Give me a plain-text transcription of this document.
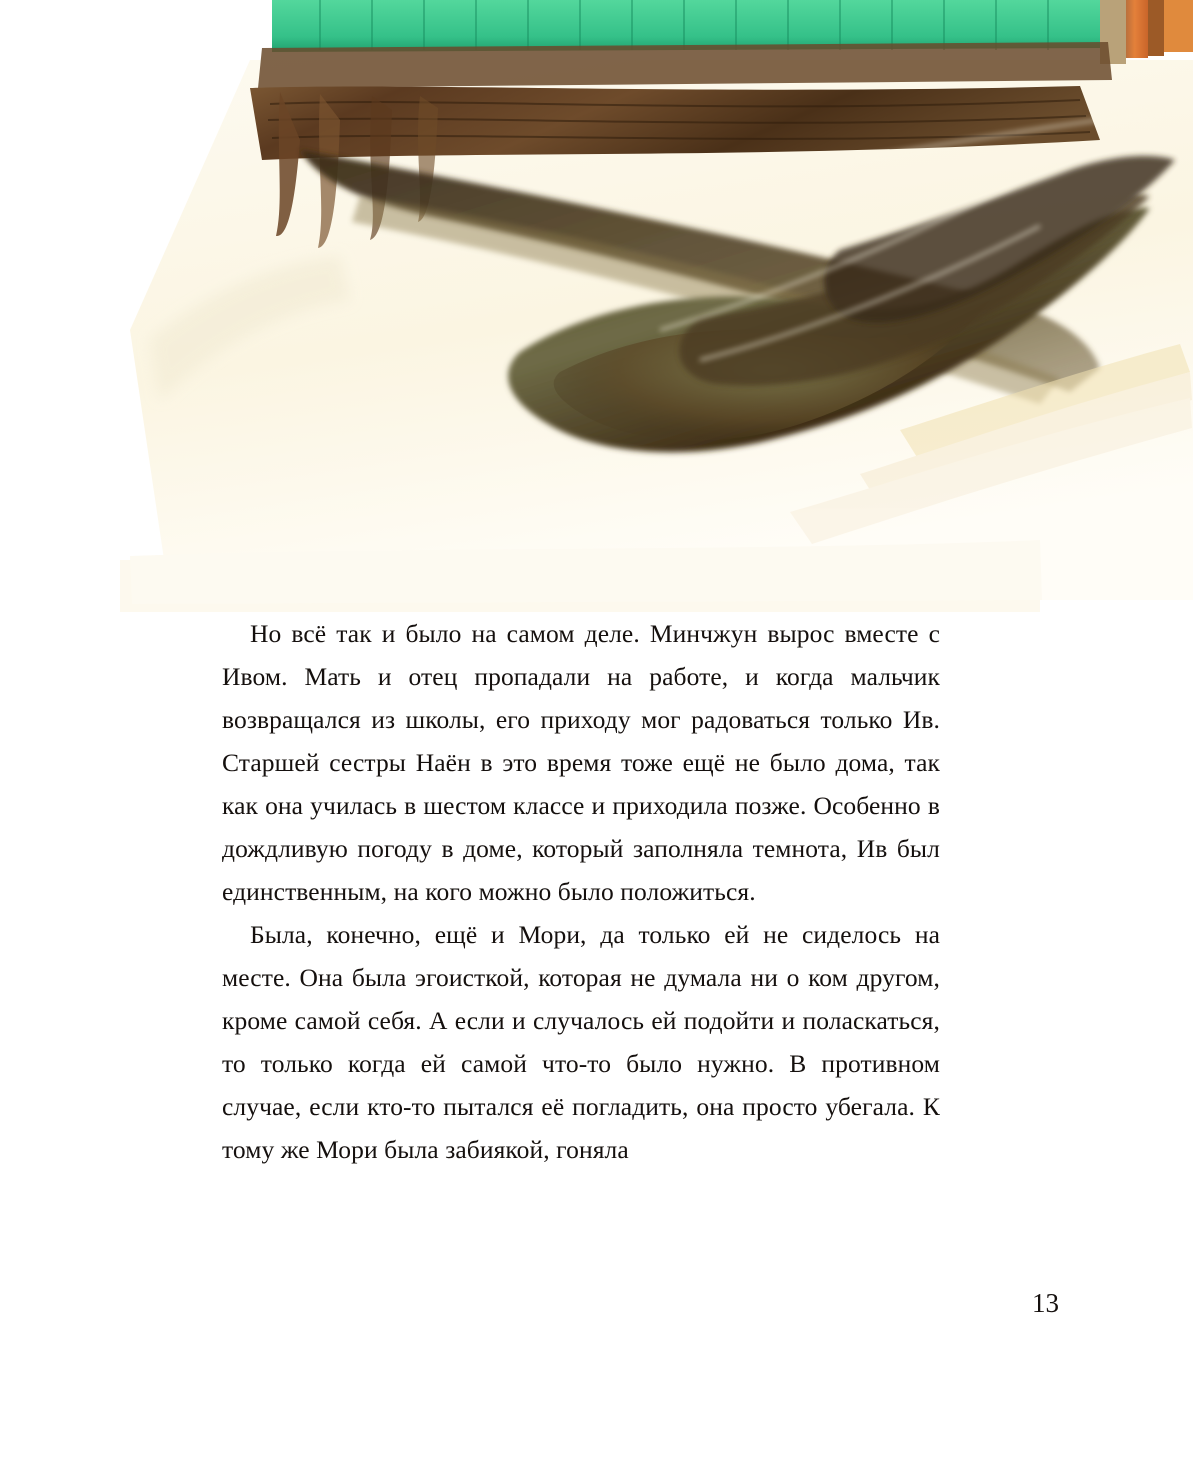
Но всё так и было на самом деле. Минчжун вырос вместе с Ивом. Мать и отец пропадали на работе, и когда мальчик возвращался из школы, его приходу мог радоваться только Ив. Старшей сестры Наён в это время тоже ещё не было дома, так как она училась в шестом классе и приходила позже. Особенно в дождливую погоду в доме, который заполняла темнота, Ив был единственным, на кого можно было положиться.

Была, конечно, ещё и Мори, да только ей не сиделось на месте. Она была эгоисткой, которая не думала ни о ком другом, кроме самой себя. А если и случалось ей подойти и поласкаться, то только когда ей самой что-то было нужно. В противном случае, если кто-то пытался её погладить, она просто убегала. К тому же Мори была забиякой, гоняла

13
